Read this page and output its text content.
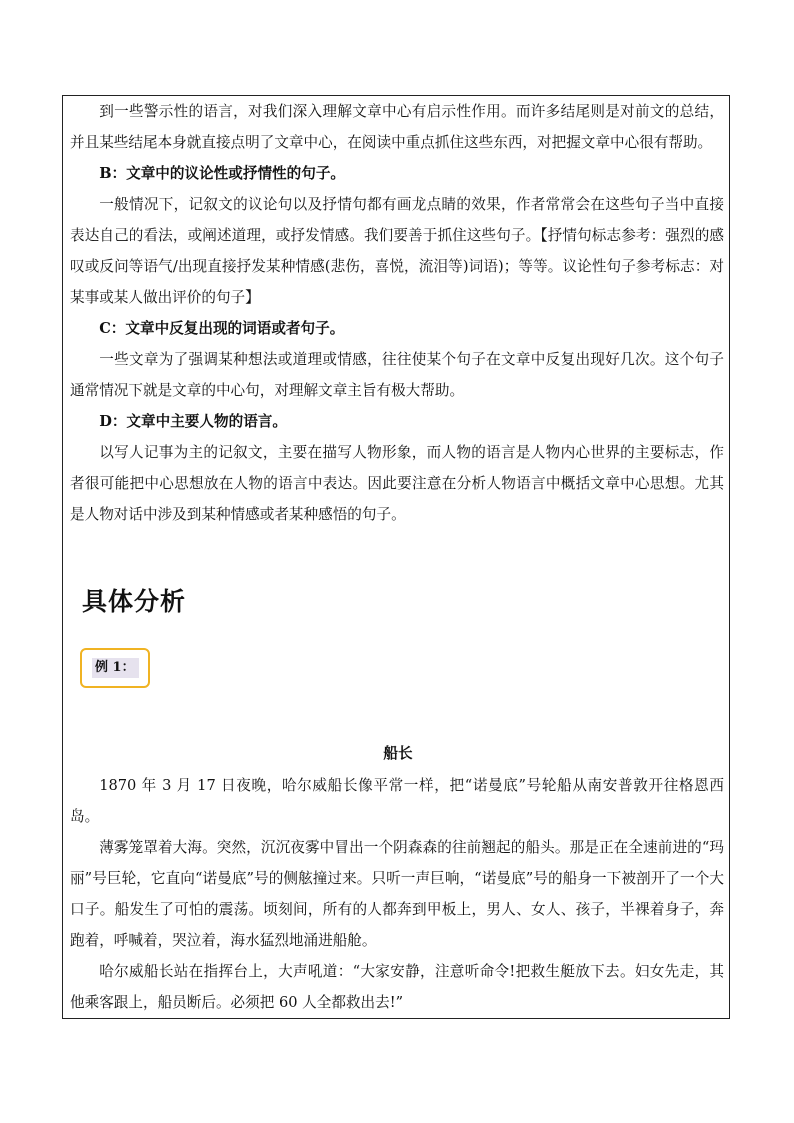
到一些警示性的语言，对我们深入理解文章中心有启示性作用。而许多结尾则是对前文的总结，并且某些结尾本身就直接点明了文章中心，在阅读中重点抓住这些东西，对把握文章中心很有帮助。

B：文章中的议论性或抒情性的句子。

一般情况下，记叙文的议论句以及抒情句都有画龙点睛的效果，作者常常会在这些句子当中直接表达自己的看法，或阐述道理，或抒发情感。我们要善于抓住这些句子。【抒情句标志参考：强烈的感叹或反问等语气/出现直接抒发某种情感(悲伤，喜悦，流泪等)词语)；等等。议论性句子参考标志：对某事或某人做出评价的句子】

C：文章中反复出现的词语或者句子。

一些文章为了强调某种想法或道理或情感，往往使某个句子在文章中反复出现好几次。这个句子通常情况下就是文章的中心句，对理解文章主旨有极大帮助。

D：文章中主要人物的语言。

以写人记事为主的记叙文，主要在描写人物形象，而人物的语言是人物内心世界的主要标志，作者很可能把中心思想放在人物的语言中表达。因此要注意在分析人物语言中概括文章中心思想。尤其是人物对话中涉及到某种情感或者某种感悟的句子。

具体分析
例 1：

船长

1870 年 3 月 17 日夜晚，哈尔威船长像平常一样，把“诺曼底”号轮船从南安普敦开往格恩西岛。

薄雾笼罩着大海。突然，沉沉夜雾中冒出一个阴森森的往前翘起的船头。那是正在全速前进的“玛丽”号巨轮，它直向“诺曼底”号的侧舷撞过来。只听一声巨响，“诺曼底”号的船身一下被剖开了一个大口子。船发生了可怕的震荡。顷刻间，所有的人都奔到甲板上，男人、女人、孩子，半裸着身子，奔跑着，呼喊着，哭泣着，海水猛烈地涌进船舱。

哈尔威船长站在指挥台上，大声吼道：“大家安静，注意听命令!把救生艇放下去。妇女先走，其他乘客跟上，船员断后。必须把 60 人全都救出去!”
